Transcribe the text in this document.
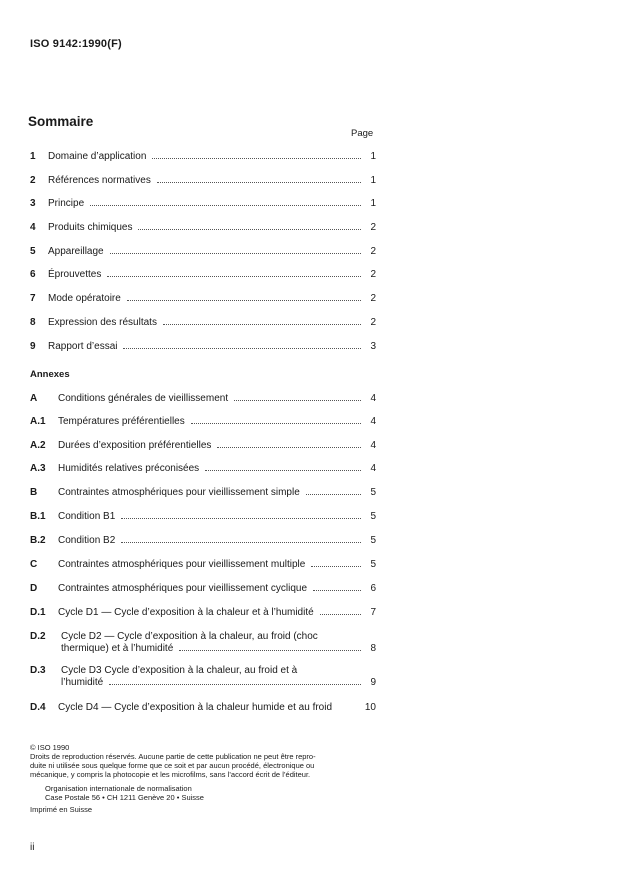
ISO 9142:1990(F)
Sommaire
Page
1	Domaine d’application	1
2	Références normatives	1
3	Principe	1
4	Produits chimiques	2
5	Appareillage	2
6	Éprouvettes	2
7	Mode opératoire	2
8	Expression des résultats	2
9	Rapport d’essai	3
A	Conditions générales de vieillissement	4
A.1	Températures préférentielles	4
A.2	Durées d’exposition préférentielles	4
A.3	Humidités relatives préconisées	4
B	Contraintes atmosphériques pour vieillissement simple	5
B.1	Condition B1	5
B.2	Condition B2	5
C	Contraintes atmosphériques pour vieillissement multiple	5
D	Contraintes atmosphériques pour vieillissement cyclique	6
D.1	Cycle D1 — Cycle d’exposition à la chaleur et à l’humidité	7
D.2 Cycle D2 — Cycle d’exposition à la chaleur, au froid (choc
thermique) et à l’humidité	8
D.3 Cycle D3 Cycle d’exposition à la chaleur, au froid et à
l’humidité	9
D.4	Cycle D4 — Cycle d’exposition à la chaleur humide et au froid	10
Annexes
© ISO 1990
Droits de reproduction réservés. Aucune partie de cette publication ne peut être repro-
duite ni utilisée sous quelque forme que ce soit et par aucun procédé, électronique ou
mécanique, y compris la photocopie et les microfilms, sans l’accord écrit de l’éditeur.
Organisation internationale de normalisation
Case Postale 56 • CH 1211 Genève 20 • Suisse
Imprimé en Suisse
ii
